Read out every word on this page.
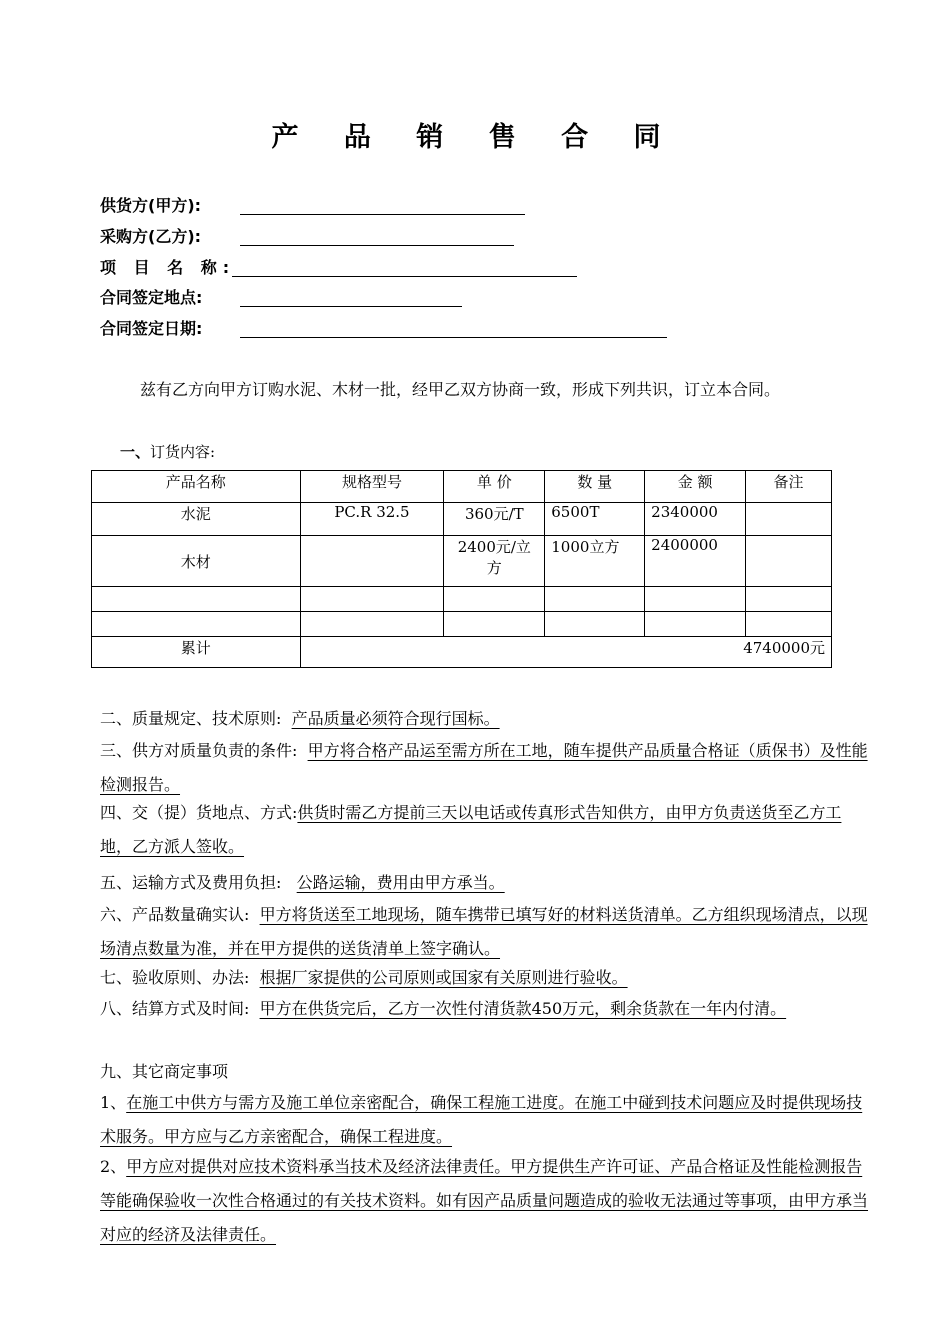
产 品 销 售 合 同
供货方(甲方):
采购方(乙方):
项 目 名 称:
合同签定地点:
合同签定日期:
兹有乙方向甲方订购水泥、木材一批，经甲乙双方协商一致，形成下列共识，订立本合同。
一、订货内容:
产品名称	规格型号	单 价	数 量	金 额	备注
水泥	PC.R 32.5	360元/T	6500T	2340000	
木材		2400元/立方	1000立方	2400000	

累计	4740000元				
二、质量规定、技术原则: 产品质量必须符合现行国标。
三、供方对质量负责的条件: 甲方将合格产品运至需方所在工地，随车提供产品质量合格证（质保书）及性能检测报告。
四、交（提）货地点、方式:供货时需乙方提前三天以电话或传真形式告知供方，由甲方负责送货至乙方工地，乙方派人签收。
五、运输方式及费用负担: 公路运输，费用由甲方承当。
六、产品数量确实认: 甲方将货送至工地现场，随车携带已填写好的材料送货清单。乙方组织现场清点，以现场清点数量为准，并在甲方提供的送货清单上签字确认。
七、验收原则、办法: 根据厂家提供的公司原则或国家有关原则进行验收。
八、结算方式及时间: 甲方在供货完后，乙方一次性付清货款450万元，剩余货款在一年内付清。
九、其它商定事项
1、在施工中供方与需方及施工单位亲密配合，确保工程施工进度。在施工中碰到技术问题应及时提供现场技术服务。甲方应与乙方亲密配合，确保工程进度。
2、甲方应对提供对应技术资料承当技术及经济法律责任。甲方提供生产许可证、产品合格证及性能检测报告等能确保验收一次性合格通过的有关技术资料。如有因产品质量问题造成的验收无法通过等事项，由甲方承当对应的经济及法律责任。
